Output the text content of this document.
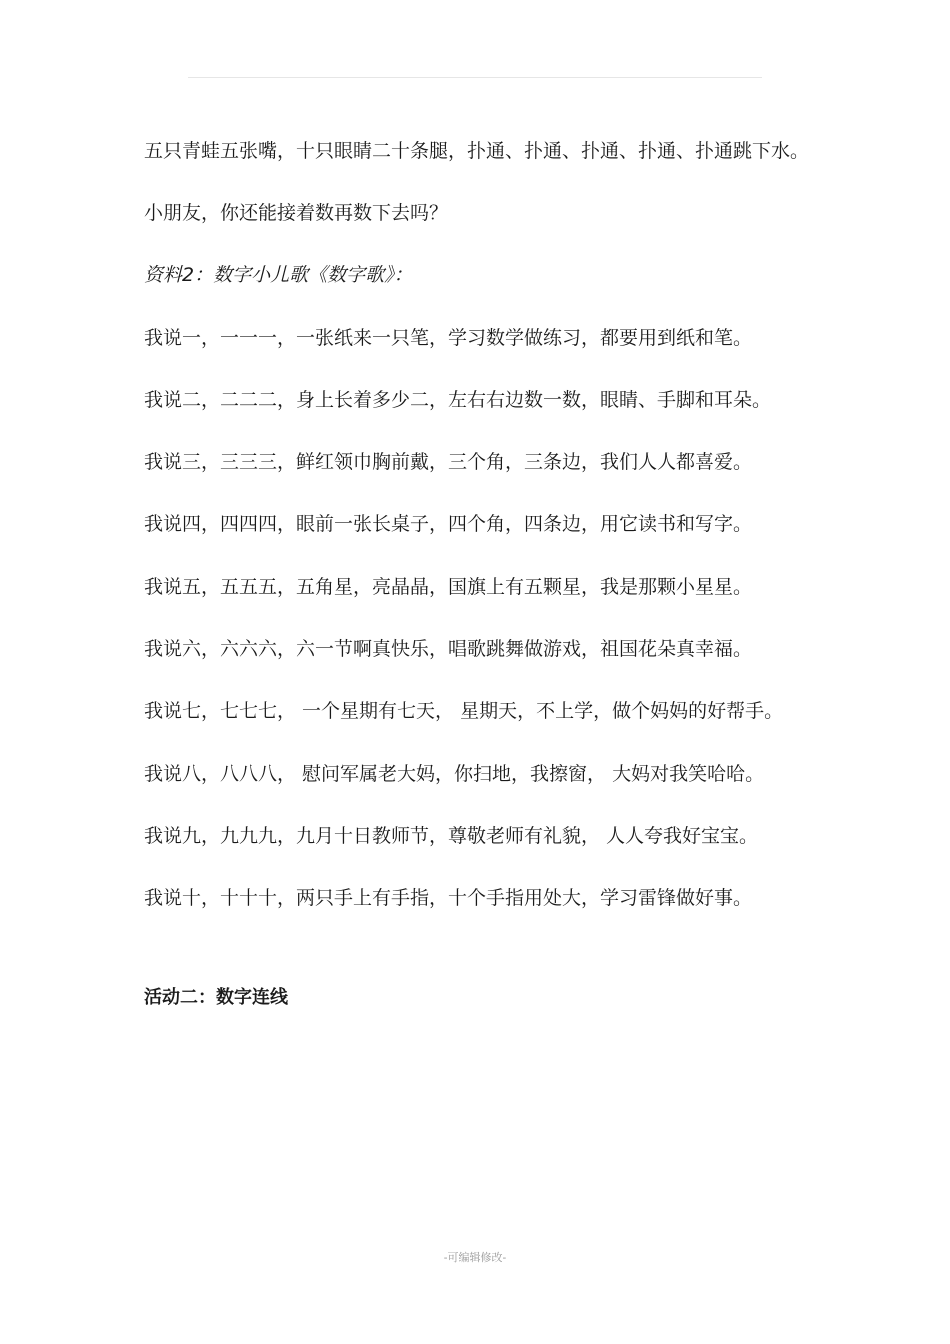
五只青蛙五张嘴，十只眼睛二十条腿，扑通、扑通、扑通、扑通、扑通跳下水。
小朋友，你还能接着数再数下去吗？
资料2：数字小儿歌《数字歌》：
我说一，一一一，一张纸来一只笔，学习数学做练习，都要用到纸和笔。
我说二，二二二，身上长着多少二，左右右边数一数，眼睛、手脚和耳朵。
我说三，三三三，鲜红领巾胸前戴，三个角，三条边，我们人人都喜爱。
我说四，四四四，眼前一张长桌子，四个角，四条边，用它读书和写字。
我说五，五五五，五角星，亮晶晶，国旗上有五颗星，我是那颗小星星。
我说六，六六六，六一节啊真快乐，唱歌跳舞做游戏，祖国花朵真幸福。
我说七，七七七， 一个星期有七天， 星期天，不上学，做个妈妈的好帮手。
我说八，八八八， 慰问军属老大妈，你扫地，我擦窗， 大妈对我笑哈哈。
我说九，九九九，九月十日教师节，尊敬老师有礼貌， 人人夸我好宝宝。
我说十，十十十，两只手上有手指，十个手指用处大，学习雷锋做好事。
活动二：数字连线
-可编辑修改-
